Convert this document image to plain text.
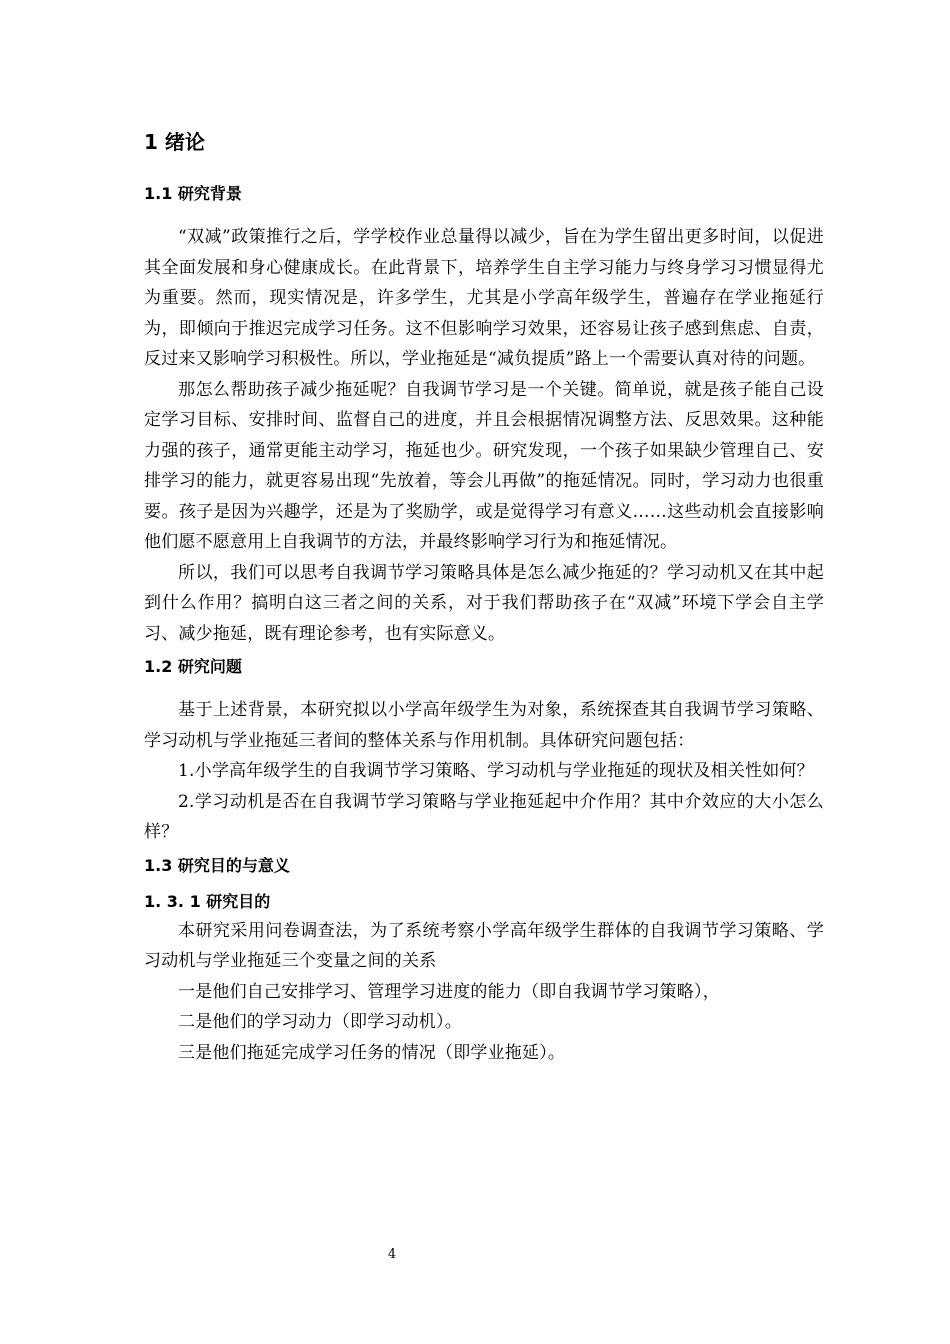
1 绪论
1.1 研究背景

“双减”政策推行之后，学学校作业总量得以减少，旨在为学生留出更多时间，以促进其全面发展和身心健康成长。在此背景下，培养学生自主学习能力与终身学习习惯显得尤为重要。然而，现实情况是，许多学生，尤其是小学高年级学生，普遍存在学业拖延行为，即倾向于推迟完成学习任务。这不但影响学习效果，还容易让孩子感到焦虑、自责，反过来又影响学习积极性。所以，学业拖延是“减负提质”路上一个需要认真对待的问题。

那怎么帮助孩子减少拖延呢？自我调节学习是一个关键。简单说，就是孩子能自己设定学习目标、安排时间、监督自己的进度，并且会根据情况调整方法、反思效果。这种能力强的孩子，通常更能主动学习，拖延也少。研究发现，一个孩子如果缺少管理自己、安排学习的能力，就更容易出现“先放着，等会儿再做”的拖延情况。同时，学习动力也很重要。孩子是因为兴趣学，还是为了奖励学，或是觉得学习有意义……这些动机会直接影响他们愿不愿意用上自我调节的方法，并最终影响学习行为和拖延情况。

所以，我们可以思考自我调节学习策略具体是怎么减少拖延的？学习动机又在其中起到什么作用？搞明白这三者之间的关系，对于我们帮助孩子在“双减”环境下学会自主学习、减少拖延，既有理论参考，也有实际意义。

1.2 研究问题

基于上述背景，本研究拟以小学高年级学生为对象，系统探查其自我调节学习策略、学习动机与学业拖延三者间的整体关系与作用机制。具体研究问题包括：

1.小学高年级学生的自我调节学习策略、学习动机与学业拖延的现状及相关性如何？

2.学习动机是否在自我调节学习策略与学业拖延起中介作用？其中介效应的大小怎么样？

1.3 研究目的与意义
1. 3. 1 研究目的

本研究采用问卷调查法，为了系统考察小学高年级学生群体的自我调节学习策略、学习动机与学业拖延三个变量之间的关系

一是他们自己安排学习、管理学习进度的能力（即自我调节学习策略），

二是他们的学习动力（即学习动机）。

三是他们拖延完成学习任务的情况（即学业拖延）。

4
